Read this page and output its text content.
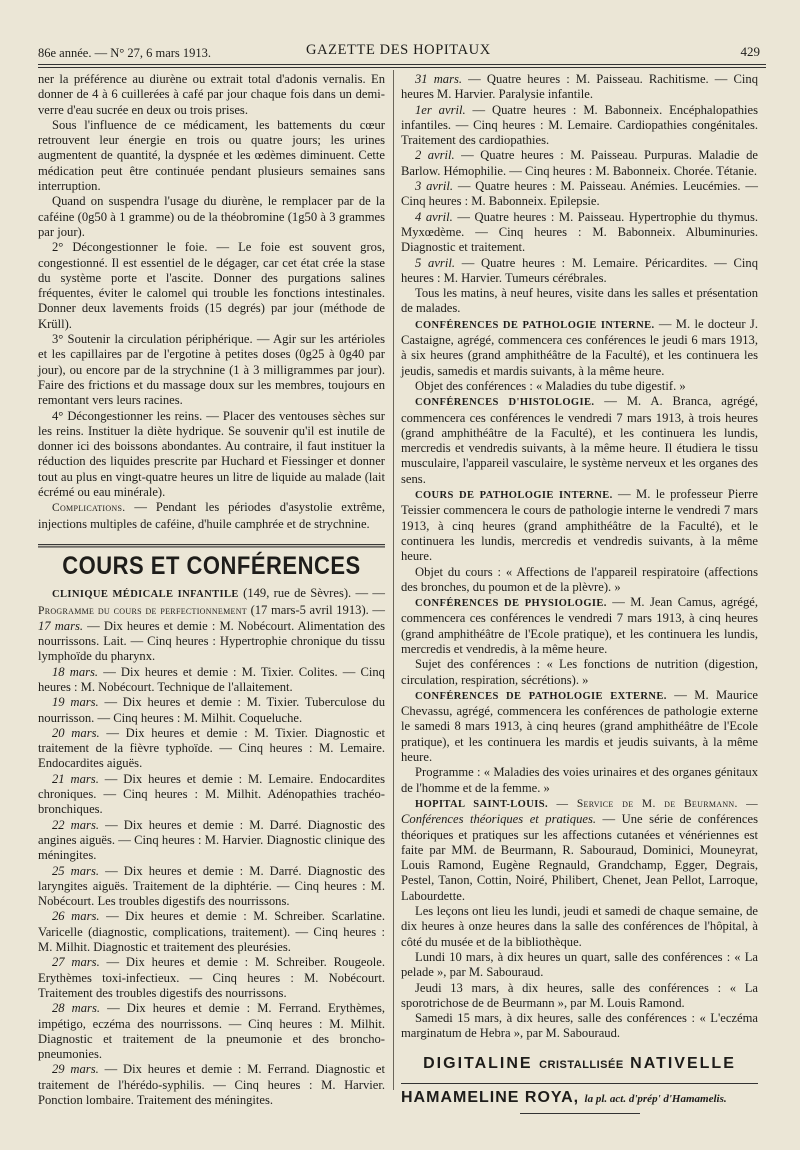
86e année. — N° 27, 6 mars 1913.	GAZETTE DES HOPITAUX	429

ner la préférence au diurène ou extrait total d'adonis vernalis. En donner de 4 à 6 cuillerées à café par jour chaque fois dans un demi-verre d'eau sucrée en deux ou trois prises.

Sous l'influence de ce médicament, les battements du cœur retrouvent leur énergie en trois ou quatre jours; les urines augmentent de quantité, la dyspnée et les œdèmes diminuent. Cette médication peut être continuée pendant plusieurs semaines sans interruption.

Quand on suspendra l'usage du diurène, le remplacer par de la caféine (0g50 à 1 gramme) ou de la théobromine (1g50 à 3 grammes par jour).

2° Décongestionner le foie. — Le foie est souvent gros, congestionné. Il est essentiel de le dégager, car cet état crée la stase du système porte et l'ascite. Donner des purgations salines fréquentes, éviter le calomel qui trouble les fonctions intestinales. Donner deux lavements froids (15 degrés) par jour (méthode de Krüll).

3° Soutenir la circulation périphérique. — Agir sur les artérioles et les capillaires par de l'ergotine à petites doses (0g25 à 0g40 par jour), ou encore par de la strychnine (1 à 3 milligrammes par jour). Faire des frictions et du massage doux sur les membres, toujours en remontant vers leurs racines.

4° Décongestionner les reins. — Placer des ventouses sèches sur les reins. Instituer la diète hydrique. Se souvenir qu'il est inutile de donner ici des boissons abondantes. Au contraire, il faut instituer la réduction des liquides prescrite par Huchard et Fiessinger et donner tout au plus en vingt-quatre heures un litre de liquide au malade (lait écrémé ou eau minérale).

Complications. — Pendant les périodes d'asystolie extrême, injections multiples de caféine, d'huile camphrée et de strychnine.

COURS ET CONFÉRENCES

CLINIQUE MÉDICALE INFANTILE (149, rue de Sèvres). — — Programme du cours de perfectionnement (17 mars-5 avril 1913). — 17 mars. — Dix heures et demie : M. Nobécourt. Alimentation des nourrissons. Lait. — Cinq heures : Hypertrophie chronique du tissu lymphoïde du pharynx.

18 mars. — Dix heures et demie : M. Tixier. Colites. — Cinq heures : M. Nobécourt. Technique de l'allaitement.

19 mars. — Dix heures et demie : M. Tixier. Tuberculose du nourrisson. — Cinq heures : M. Milhit. Coqueluche.

20 mars. — Dix heures et demie : M. Tixier. Diagnostic et traitement de la fièvre typhoïde. — Cinq heures : M. Lemaire. Endocardites aiguës.

21 mars. — Dix heures et demie : M. Lemaire. Endocardites chroniques. — Cinq heures : M. Milhit. Adénopathies trachéo-bronchiques.

22 mars. — Dix heures et demie : M. Darré. Diagnostic des angines aiguës. — Cinq heures : M. Harvier. Diagnostic clinique des méningites.

25 mars. — Dix heures et demie : M. Darré. Diagnostic des laryngites aiguës. Traitement de la diphtérie. — Cinq heures : M. Nobécourt. Les troubles digestifs des nourrissons.

26 mars. — Dix heures et demie : M. Schreiber. Scarlatine. Varicelle (diagnostic, complications, traitement). — Cinq heures : M. Milhit. Diagnostic et traitement des pleurésies.

27 mars. — Dix heures et demie : M. Schreiber. Rougeole. Erythèmes toxi-infectieux. — Cinq heures : M. Nobécourt. Traitement des troubles digestifs des nourrissons.

28 mars. — Dix heures et demie : M. Ferrand. Erythèmes, impétigo, eczéma des nourrissons. — Cinq heures : M. Milhit. Diagnostic et traitement de la pneumonie et des broncho-pneumonies.

29 mars. — Dix heures et demie : M. Ferrand. Diagnostic et traitement de l'hérédo-syphilis. — Cinq heures : M. Harvier. Ponction lombaire. Traitement des méningites.

31 mars. — Quatre heures : M. Paisseau. Rachitisme. — Cinq heures M. Harvier. Paralysie infantile.

1er avril. — Quatre heures : M. Babonneix. Encéphalopathies infantiles. — Cinq heures : M. Lemaire. Cardiopathies congénitales. Traitement des cardiopathies.

2 avril. — Quatre heures : M. Paisseau. Purpuras. Maladie de Barlow. Hémophilie. — Cinq heures : M. Babonneix. Chorée. Tétanie.

3 avril. — Quatre heures : M. Paisseau. Anémies. Leucémies. — Cinq heures : M. Babonneix. Epilepsie.

4 avril. — Quatre heures : M. Paisseau. Hypertrophie du thymus. Myxœdème. — Cinq heures : M. Babonneix. Albuminuries. Diagnostic et traitement.

5 avril. — Quatre heures : M. Lemaire. Péricardites. — Cinq heures : M. Harvier. Tumeurs cérébrales.

Tous les matins, à neuf heures, visite dans les salles et présentation de malades.

CONFÉRENCES DE PATHOLOGIE INTERNE. — M. le docteur J. Castaigne, agrégé, commencera ces conférences le jeudi 6 mars 1913, à six heures (grand amphithéâtre de la Faculté), et les continuera les jeudis, samedis et mardis suivants, à la même heure.

Objet des conférences : « Maladies du tube digestif. »

CONFÉRENCES D'HISTOLOGIE. — M. A. Branca, agrégé, commencera ces conférences le vendredi 7 mars 1913, à trois heures (grand amphithéâtre de la Faculté), et les continuera les lundis, mercredis et vendredis suivants, à la même heure. Il étudiera le tissu musculaire, l'appareil vasculaire, le système nerveux et les organes des sens.

COURS DE PATHOLOGIE INTERNE. — M. le professeur Pierre Teissier commencera le cours de pathologie interne le vendredi 7 mars 1913, à cinq heures (grand amphithéâtre de la Faculté), et le continuera les lundis, mercredis et vendredis suivants, à la même heure.

Objet du cours : « Affections de l'appareil respiratoire (affections des bronches, du poumon et de la plèvre). »

CONFÉRENCES DE PHYSIOLOGIE. — M. Jean Camus, agrégé, commencera ces conférences le vendredi 7 mars 1913, à cinq heures (grand amphithéâtre de l'Ecole pratique), et les continuera les lundis, mercredis et vendredis, à la même heure.

Sujet des conférences : « Les fonctions de nutrition (digestion, circulation, respiration, sécrétions). »

CONFÉRENCES DE PATHOLOGIE EXTERNE. — M. Maurice Chevassu, agrégé, commencera les conférences de pathologie externe le samedi 8 mars 1913, à cinq heures (grand amphithéâtre de l'Ecole pratique), et les continuera les mardis et jeudis suivants, à la même heure.

Programme : « Maladies des voies urinaires et des organes génitaux de l'homme et de la femme. »

HOPITAL SAINT-LOUIS. — Service de M. de Beurmann. — Conférences théoriques et pratiques. — Une série de conférences théoriques et pratiques sur les affections cutanées et vénériennes est faite par MM. de Beurmann, R. Sabouraud, Dominici, Mouneyrat, Louis Ramond, Eugène Regnauld, Grandchamp, Egger, Degrais, Pestel, Tanon, Cottin, Noiré, Philibert, Chenet, Jean Pellot, Larroque, Labourdette.

Les leçons ont lieu les lundi, jeudi et samedi de chaque semaine, de dix heures à onze heures dans la salle des conférences de l'hôpital, à côté du musée et de la bibliothèque.

Lundi 10 mars, à dix heures un quart, salle des conférences : « La pelade », par M. Sabouraud.

Jeudi 13 mars, à dix heures, salle des conférences : « La sporotrichose de de Beurmann », par M. Louis Ramond.

Samedi 15 mars, à dix heures, salle des conférences : « L'eczéma marginatum de Hebra », par M. Sabouraud.

DIGITALINE CRISTALLISÉE NATIVELLE
HAMAMELINE ROYA, la pl. act. d'prép' d'Hamamelis.
